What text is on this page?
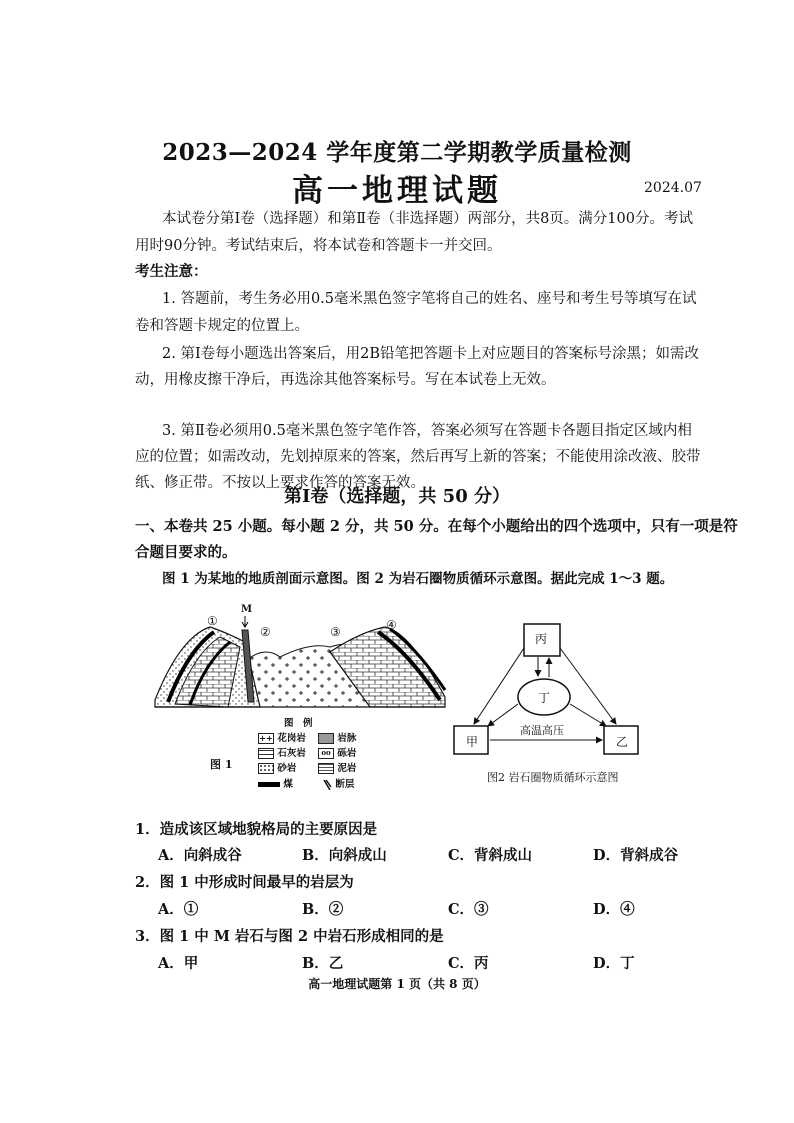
2023—2024 学年度第二学期教学质量检测
高一地理试题	2024.07
本试卷分第Ⅰ卷（选择题）和第Ⅱ卷（非选择题）两部分，共8页。满分100分。考试
用时90分钟。考试结束后，将本试卷和答题卡一并交回。
考生注意：
1. 答题前，考生务必用0.5毫米黑色签字笔将自己的姓名、座号和考生号等填写在试
卷和答题卡规定的位置上。
2. 第Ⅰ卷每小题选出答案后，用2B铅笔把答题卡上对应题目的答案标号涂黑；如需改
动，用橡皮擦干净后，再选涂其他答案标号。写在本试卷上无效。
3. 第Ⅱ卷必须用0.5毫米黑色签字笔作答，答案必须写在答题卡各题目指定区域内相
应的位置；如需改动，先划掉原来的答案，然后再写上新的答案；不能使用涂改液、胶带
纸、修正带。不按以上要求作答的答案无效。
第Ⅰ卷（选择题，共 50 分）
一、本卷共 25 小题。每小题 2 分，共 50 分。在每个小题给出的四个选项中，只有一项是符
合题目要求的。
图 1 为某地的地质剖面示意图。图 2 为岩石圈物质循环示意图。据此完成 1～3 题。
M
①
②	③	④
图　例
++ 花岗岩	岩脉
石灰岩	oo 砾岩
砂岩	泥岩
煤	断层
图 1
丙
丁
甲	乙
高温高压
图2 岩石圈物质循环示意图
1．造成该区域地貌格局的主要原因是
A．向斜成谷	B．向斜成山	C．背斜成山	D．背斜成谷
2．图 1 中形成时间最早的岩层为
A．①	B．②	C．③	D．④
3．图 1 中 M 岩石与图 2 中岩石形成相同的是
A．甲	B．乙	C．丙	D．丁
高一地理试题第 1 页（共 8 页）
